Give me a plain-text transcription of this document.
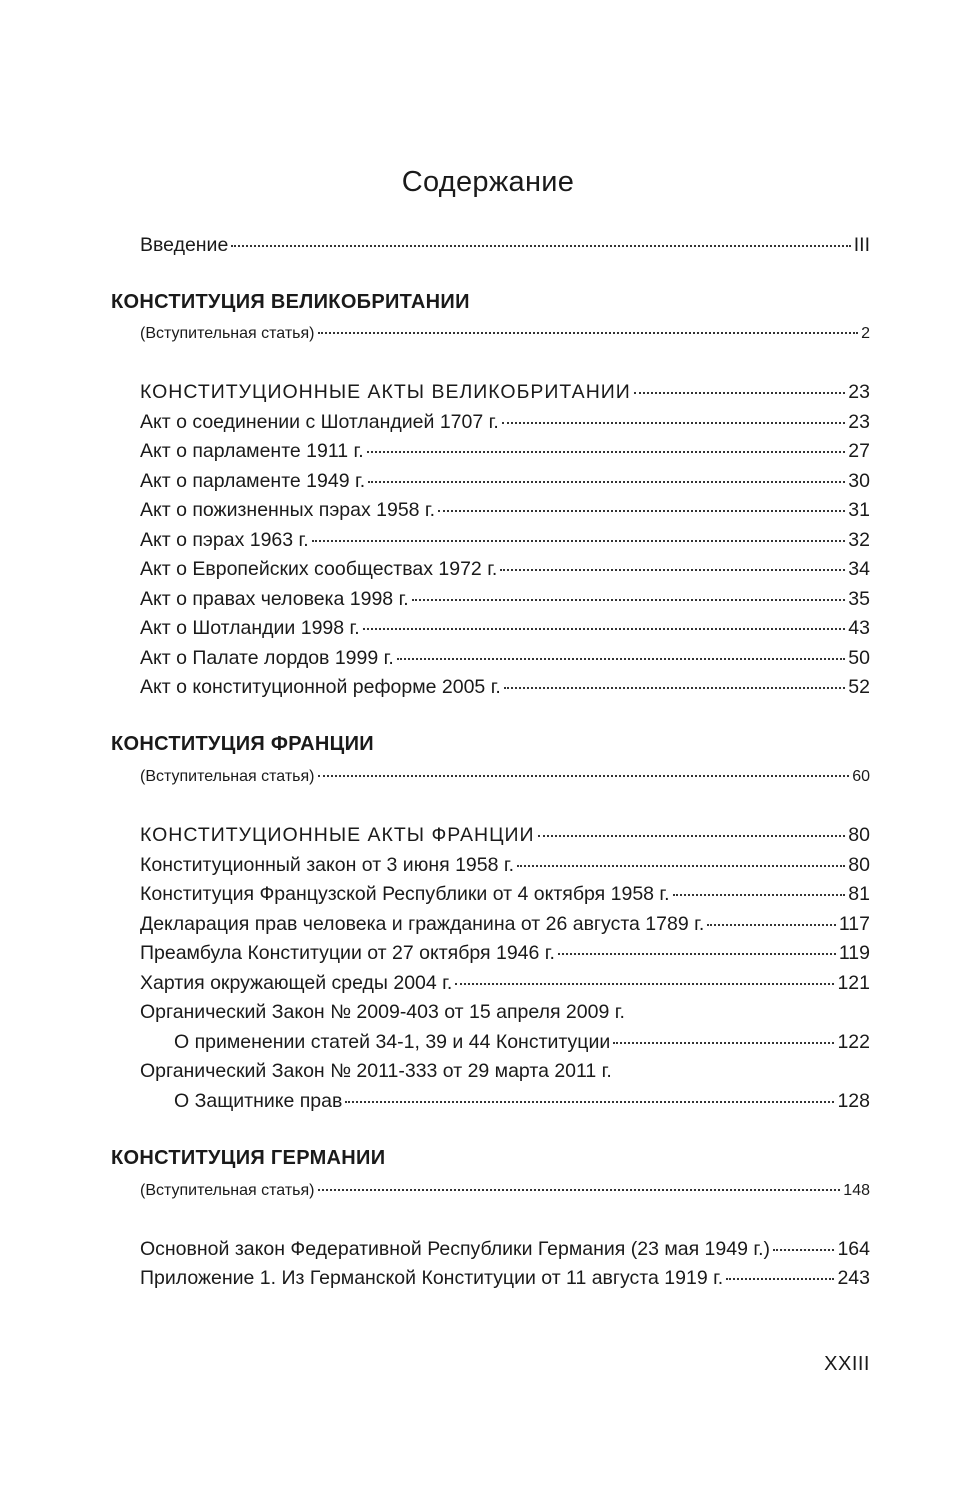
Содержание
Введение	III
КОНСТИТУЦИЯ ВЕЛИКОБРИТАНИИ
(Вступительная статья)	2
КОНСТИТУЦИОННЫЕ АКТЫ ВЕЛИКОБРИТАНИИ	23
Акт о соединении с Шотландией 1707 г.	23
Акт о парламенте 1911 г.	27
Акт о парламенте 1949 г.	30
Акт о пожизненных пэрах 1958 г.	31
Акт о пэрах 1963 г.	32
Акт о Европейских сообществах 1972 г.	34
Акт о правах человека 1998 г.	35
Акт о Шотландии 1998 г.	43
Акт о Палате лордов 1999 г.	50
Акт о конституционной реформе 2005 г.	52
КОНСТИТУЦИЯ ФРАНЦИИ
(Вступительная статья)	60
КОНСТИТУЦИОННЫЕ АКТЫ ФРАНЦИИ	80
Конституционный закон от 3 июня 1958 г.	80
Конституция Французской Республики от 4 октября 1958 г.	81
Декларация прав человека и гражданина от 26 августа 1789 г.	117
Преамбула Конституции от 27 октября 1946 г.	119
Хартия окружающей среды 2004 г.	121
Органический Закон № 2009-403 от 15 апреля 2009 г.
О применении статей 34-1, 39 и 44 Конституции	122
Органический Закон № 2011-333 от 29 марта 2011 г.
О Защитнике прав	128
КОНСТИТУЦИЯ ГЕРМАНИИ
(Вступительная статья)	148
Основной закон Федеративной Республики Германия (23 мая 1949 г.)	164
Приложение 1. Из Германской Конституции от 11 августа 1919 г.	243
XXIII
